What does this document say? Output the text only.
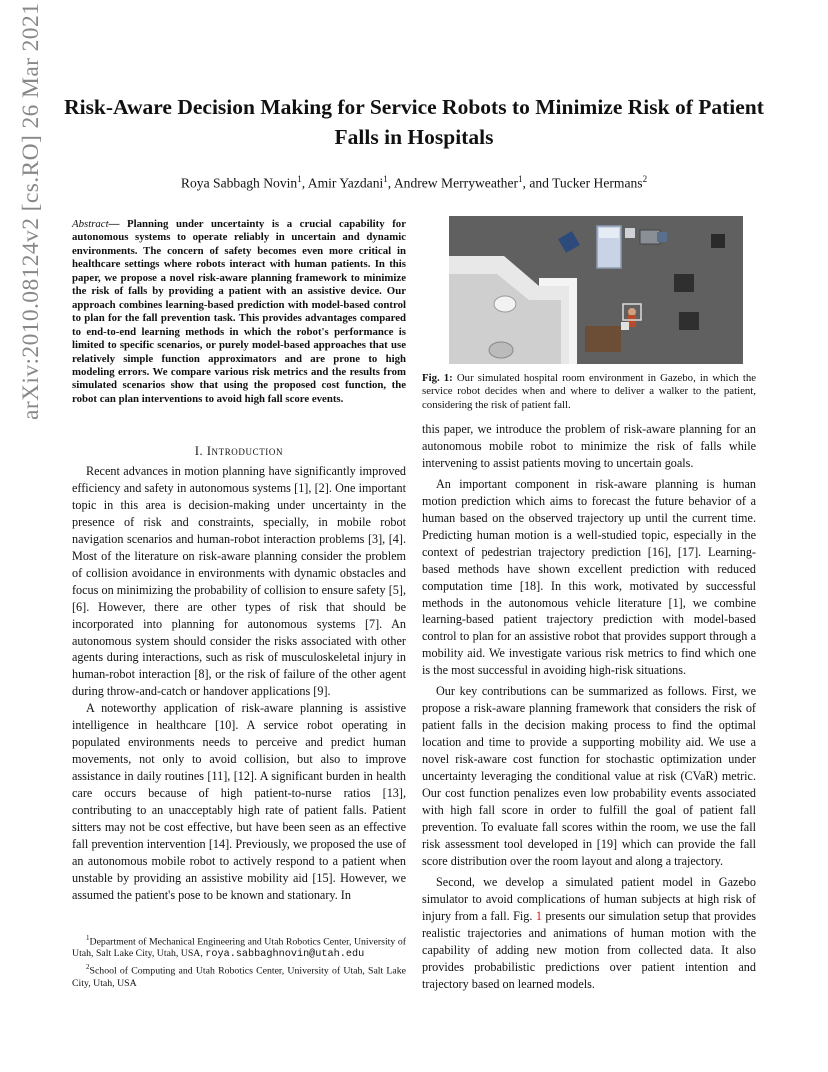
Risk-Aware Decision Making for Service Robots to Minimize Risk of Patient Falls in Hospitals
Roya Sabbagh Novin$^1$, Amir Yazdani$^1$, Andrew Merryweather$^1$, and Tucker Hermans$^2$
arXiv:2010.08124v2 [cs.RO] 26 Mar 2021	Abstract— Planning under uncertainty is a crucial capability for autonomous systems to operate reliably in uncertain and dynamic environments. The concern of safety becomes even more critical in healthcare settings where robots interact with human patients. In this paper, we propose a novel risk-aware planning framework to minimize the risk of falls by providing a patient with an assistive device. Our approach combines learning-based prediction with model-based control to plan for the fall prevention task. This provides advantages compared to end-to-end learning methods in which the robot's performance is limited to specific scenarios, or purely model-based approaches that use relatively simple function approximators and are prone to high modeling errors. We compare various risk metrics and the results from simulated scenarios show that using the proposed cost function, the robot can plan interventions to avoid high fall score events.
I. Introduction

Recent advances in motion planning have significantly improved efficiency and safety in autonomous systems [1], [2]. One important topic in this area is decision-making under uncertainty in the presence of risk and constraints, specially, in mobile robot navigation scenarios and human-robot interaction problems [3], [4]. Most of the literature on risk-aware planning consider the problem of collision avoidance in environments with dynamic obstacles and focus on minimizing the probability of collision to ensure safety [5], [6]. However, there are other types of risk that should be incorporated into planning for autonomous systems [7]. An autonomous system should consider the risks associated with other agents during interactions, such as risk of musculoskeletal injury in human-robot interaction [8], or the risk of failure of the other agent during throw-and-catch or handover applications [9].

A noteworthy application of risk-aware planning is assistive intelligence in healthcare [10]. A service robot operating in populated environments needs to perceive and predict human movements, not only to avoid collision, but also to improve assistance in daily routines [11], [12]. A significant burden in health care occurs because of high patient-to-nurse ratios [13], contributing to an unacceptably high rate of patient falls. Patient sitters may not be cost effective, but have been seen as an effective fall prevention intervention [14]. Previously, we proposed the use of an autonomous mobile robot to actively respond to a patient when unstable by providing an assistive mobility aid [15]. However, we assumed the patient's pose to be known and stationary. In

$^1$Department of Mechanical Engineering and Utah Robotics Center, University of Utah, Salt Lake City, Utah, USA, roya.sabbaghnovin@utah.edu
$^2$School of Computing and Utah Robotics Center, University of Utah, Salt Lake City, Utah, USA
Fig. 1: Our simulated hospital room environment in Gazebo, in which the service robot decides when and where to deliver a walker to the patient, considering the risk of patient fall.

this paper, we introduce the problem of risk-aware planning for an autonomous mobile robot to minimize the risk of falls while intervening to assist patients moving to uncertain goals.

An important component in risk-aware planning is human motion prediction which aims to forecast the future behavior of a human based on the observed trajectory up until the current time. Predicting human motion is a well-studied topic, especially in the context of pedestrian trajectory prediction [16], [17]. Learning-based methods have shown excellent prediction with reduced computation time [18]. In this work, motivated by successful methods in the autonomous vehicle literature [1], we combine learning-based patient trajectory prediction with model-based control to plan for an assistive robot that provides support through a mobility aid. We investigate various risk metrics to find which one is the most successful in avoiding high-risk situations.

Our key contributions can be summarized as follows. First, we propose a risk-aware planning framework that considers the risk of patient falls in the decision making process to find the optimal location and time to provide a supporting mobility aid. We use a novel risk-aware cost function for stochastic optimization under uncertainty leveraging the conditional value at risk (CVaR) metric. Our cost function penalizes even low probability events associated with high fall score in order to fulfill the goal of patient fall prevention. To evaluate fall scores within the room, we use the fall risk assessment tool developed in [19] which can provide the fall score distribution over the room layout and along a trajectory.

Second, we develop a simulated patient model in Gazebo simulator to avoid complications of human subjects at high risk of injury from a fall. Fig. 1 presents our simulation setup that provides realistic trajectories and animations of human motion with the capability of adding new motion from collected data. It also provides probabilistic predictions over patient intention and trajectory based on learned models.
